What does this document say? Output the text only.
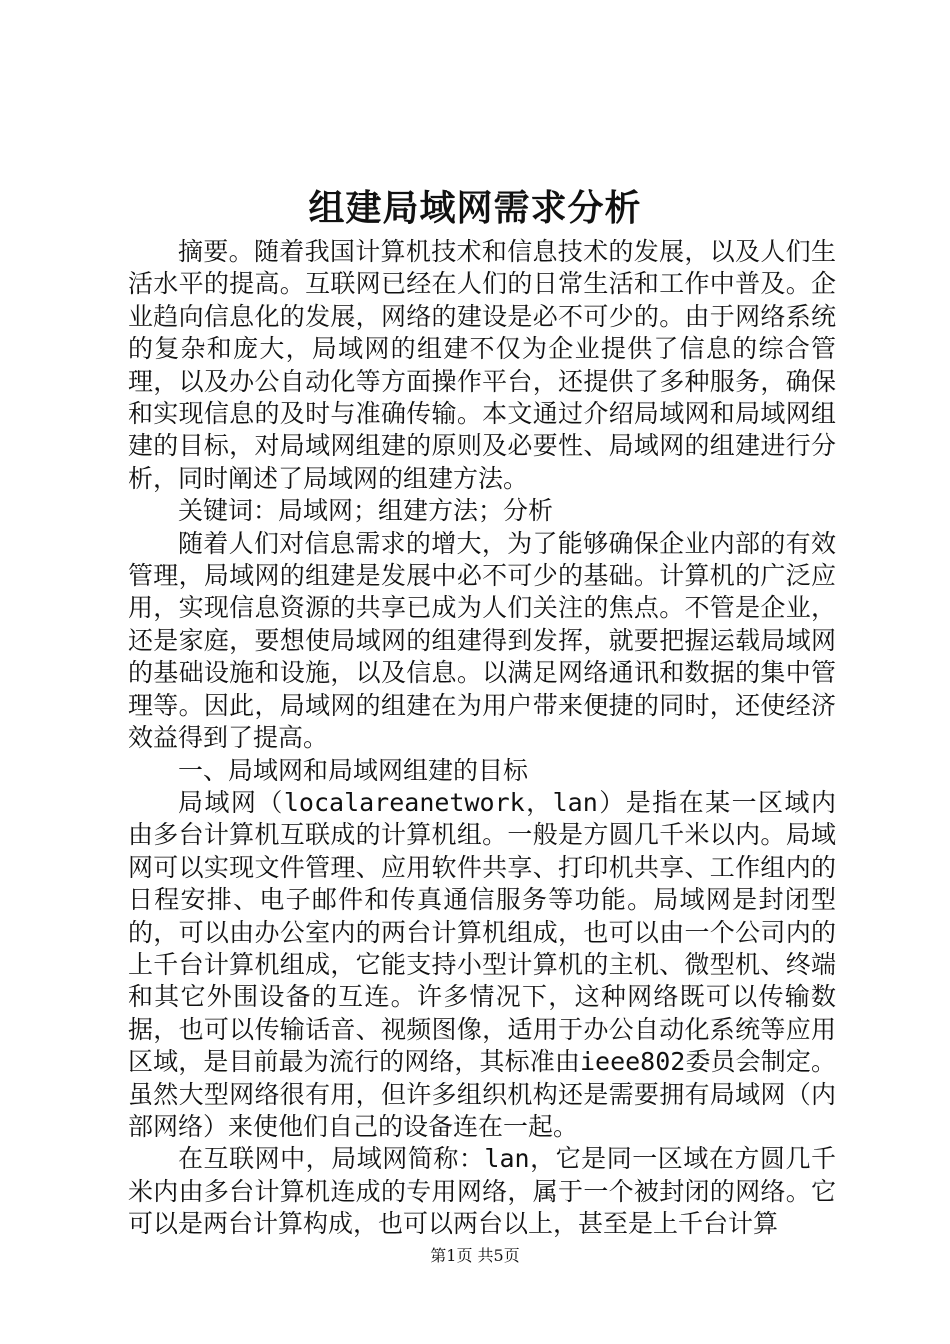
组建局域网需求分析

摘要。随着我国计算机技术和信息技术的发展，以及人们生活水平的提高。互联网已经在人们的日常生活和工作中普及。企业趋向信息化的发展，网络的建设是必不可少的。由于网络系统的复杂和庞大，局域网的组建不仅为企业提供了信息的综合管理，以及办公自动化等方面操作平台，还提供了多种服务，确保和实现信息的及时与准确传输。本文通过介绍局域网和局域网组建的目标，对局域网组建的原则及必要性、局域网的组建进行分析，同时阐述了局域网的组建方法。

关键词：局域网；组建方法；分析

随着人们对信息需求的增大，为了能够确保企业内部的有效管理，局域网的组建是发展中必不可少的基础。计算机的广泛应用，实现信息资源的共享已成为人们关注的焦点。不管是企业，还是家庭，要想使局域网的组建得到发挥，就要把握运载局域网的基础设施和设施，以及信息。以满足网络通讯和数据的集中管理等。因此，局域网的组建在为用户带来便捷的同时，还使经济效益得到了提高。

一、局域网和局域网组建的目标

局域网（localareanetwork，lan）是指在某一区域内由多台计算机互联成的计算机组。一般是方圆几千米以内。局域网可以实现文件管理、应用软件共享、打印机共享、工作组内的日程安排、电子邮件和传真通信服务等功能。局域网是封闭型的，可以由办公室内的两台计算机组成，也可以由一个公司内的上千台计算机组成，它能支持小型计算机的主机、微型机、终端和其它外围设备的互连。许多情况下，这种网络既可以传输数据，也可以传输话音、视频图像，适用于办公自动化系统等应用区域，是目前最为流行的网络，其标准由ieee802委员会制定。虽然大型网络很有用，但许多组织机构还是需要拥有局域网（内部网络）来使他们自己的设备连在一起。

在互联网中，局域网简称：lan，它是同一区域在方圆几千米内由多台计算机连成的专用网络，属于一个被封闭的网络。它可以是两台计算构成，也可以两台以上，甚至是上千台计算

第1页 共5页
